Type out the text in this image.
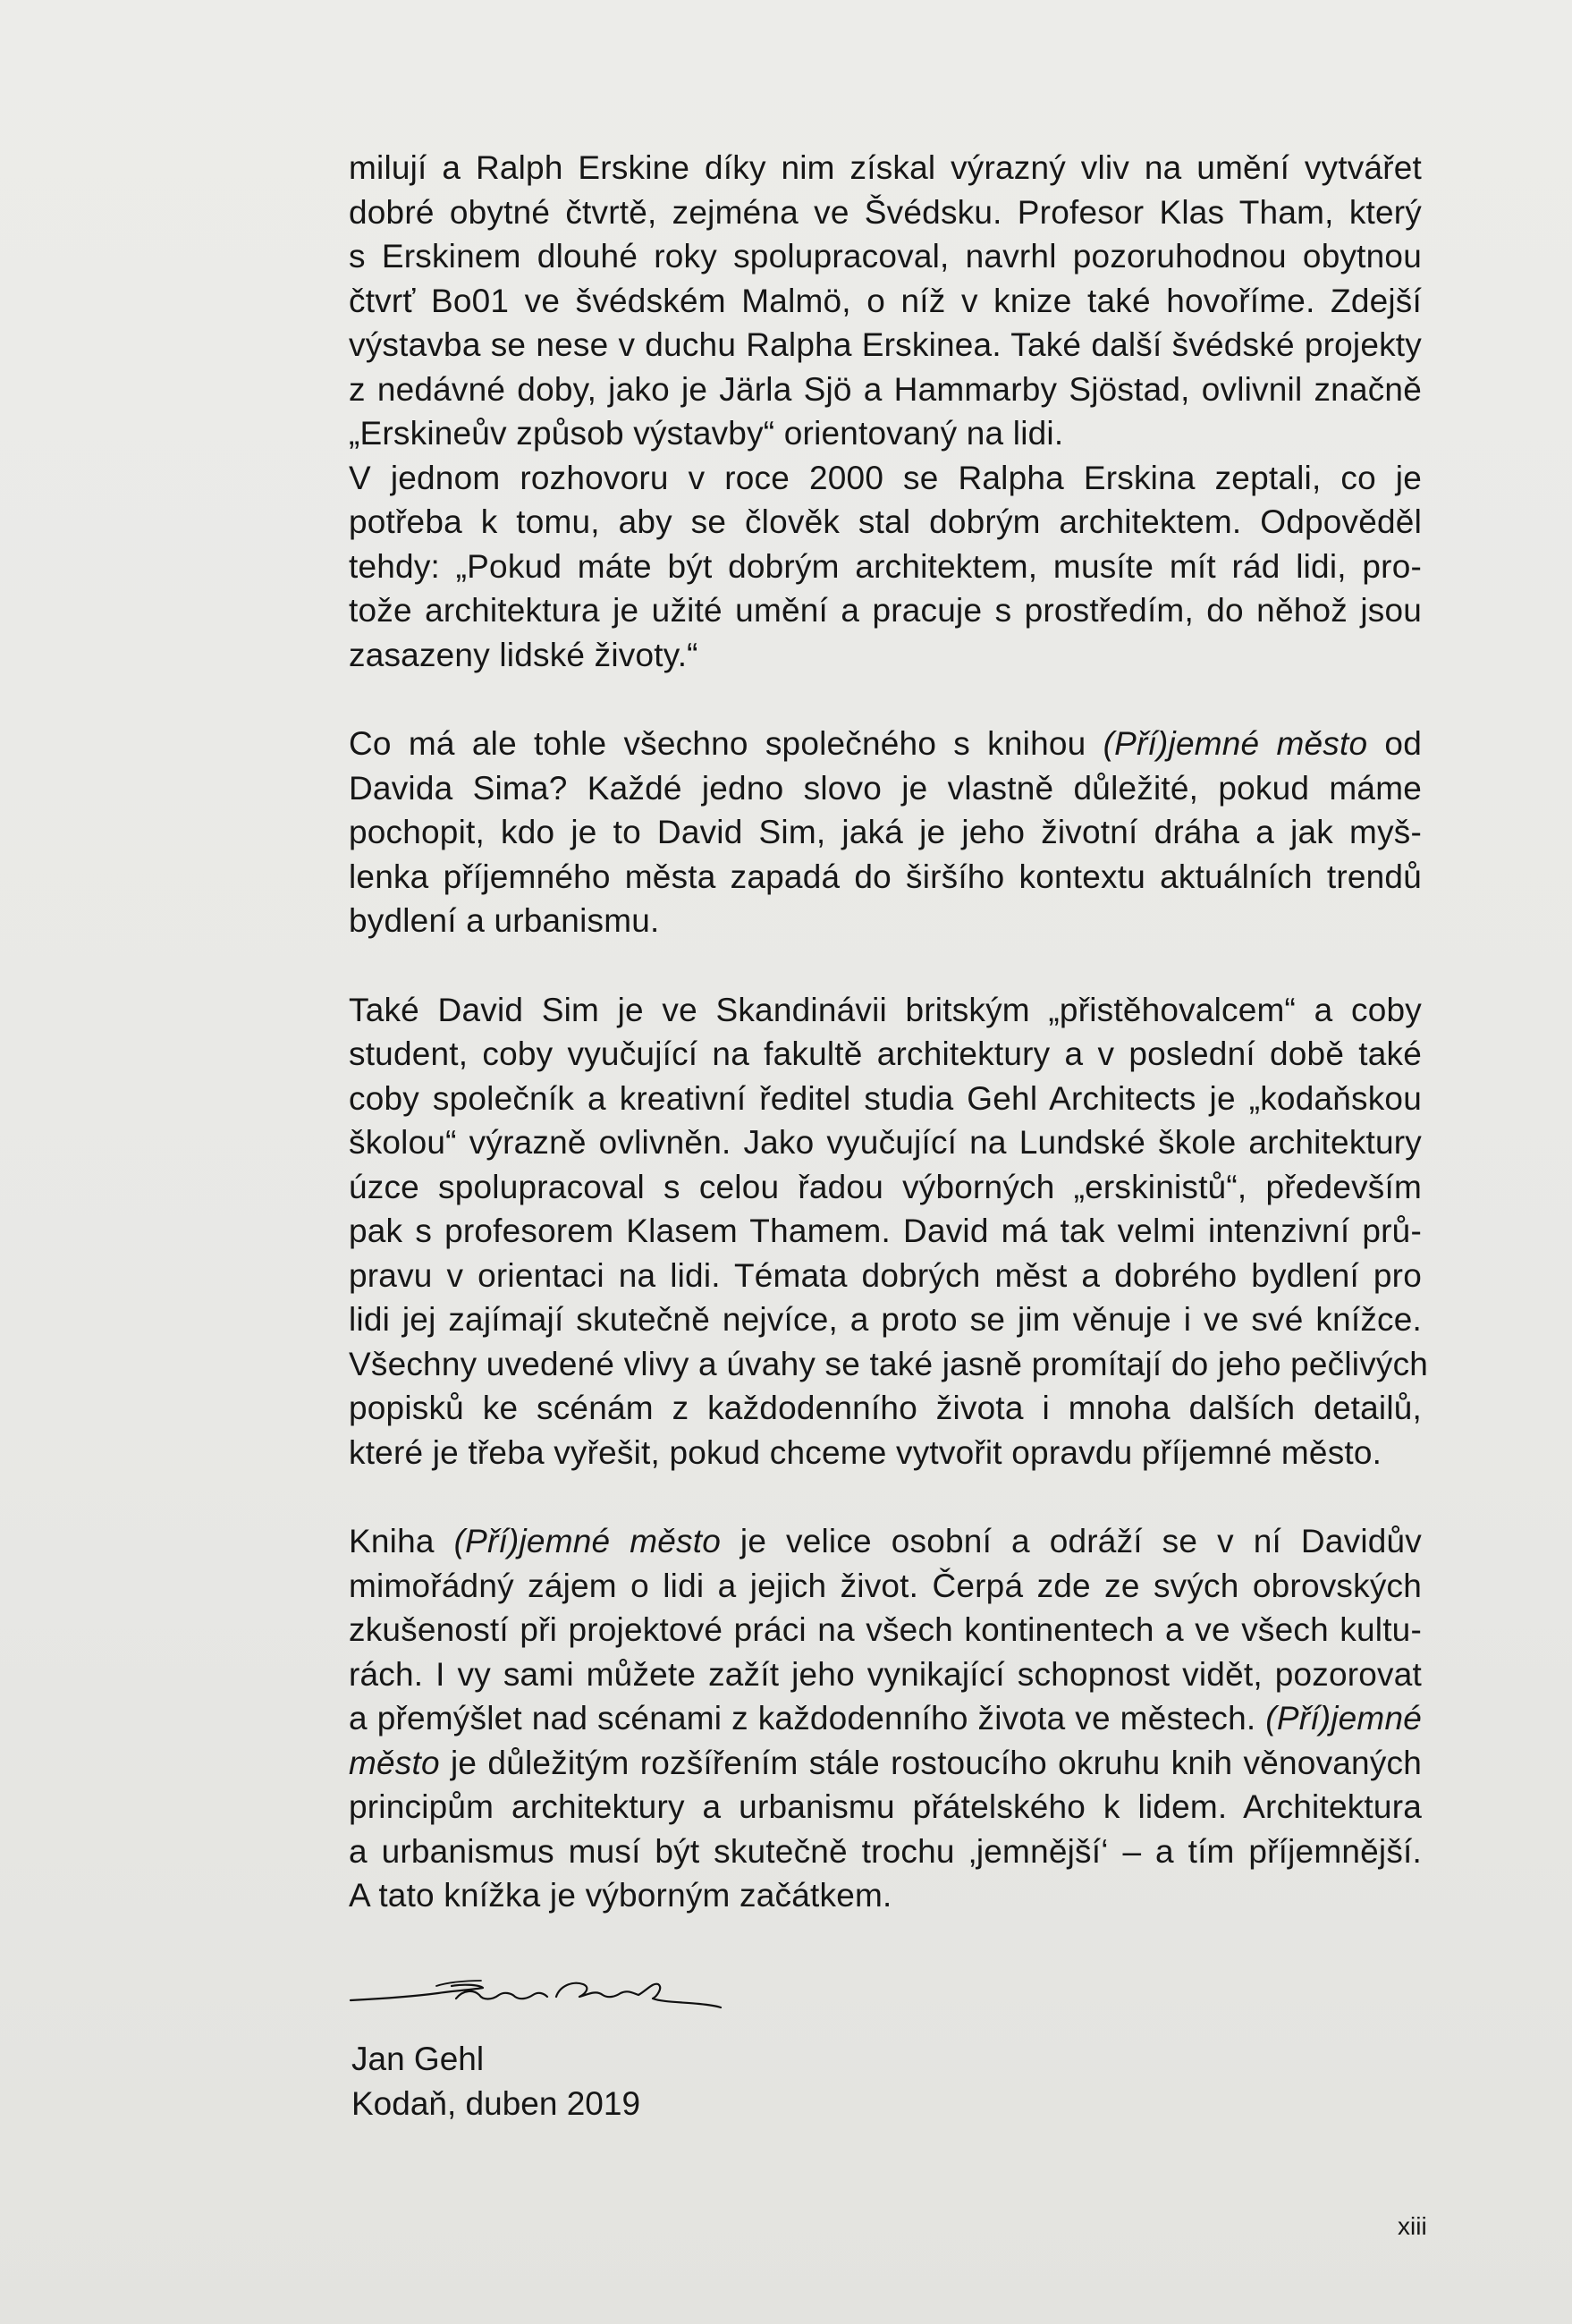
milují a Ralph Erskine díky nim získal výrazný vliv na umění vytvářet
dobré obytné čtvrtě, zejména ve Švédsku. Profesor Klas Tham, který
s Erskinem dlouhé roky spolupracoval, navrhl pozoruhodnou obytnou
čtvrť Bo01 ve švédském Malmö, o níž v knize také hovoříme. Zdejší
výstavba se nese v duchu Ralpha Erskinea. Také další švédské projekty
z nedávné doby, jako je Järla Sjö a Hammarby Sjöstad, ovlivnil značně
„Erskineův způsob výstavby“ orientovaný na lidi.
V jednom rozhovoru v roce 2000 se Ralpha Erskina zeptali, co je
potřeba k tomu, aby se člověk stal dobrým architektem. Odpověděl
tehdy: „Pokud máte být dobrým architektem, musíte mít rád lidi, pro-
tože architektura je užité umění a pracuje s prostředím, do něhož jsou
zasazeny lidské životy.“

Co má ale tohle všechno společného s knihou (Pří)jemné město od
Davida Sima? Každé jedno slovo je vlastně důležité, pokud máme
pochopit, kdo je to David Sim, jaká je jeho životní dráha a jak myš-
lenka příjemného města zapadá do širšího kontextu aktuálních trendů
bydlení a urbanismu.

Také David Sim je ve Skandinávii britským „přistěhovalcem“ a coby
student, coby vyučující na fakultě architektury a v poslední době také
coby společník a kreativní ředitel studia Gehl Architects je „kodaňskou
školou“ výrazně ovlivněn. Jako vyučující na Lundské škole architektury
úzce spolupracoval s celou řadou výborných „erskinistů“, především
pak s profesorem Klasem Thamem. David má tak velmi intenzivní prů-
pravu v orientaci na lidi. Témata dobrých měst a dobrého bydlení pro
lidi jej zajímají skutečně nejvíce, a proto se jim věnuje i ve své knížce.
Všechny uvedené vlivy a úvahy se také jasně promítají do jeho pečlivých
popisků ke scénám z každodenního života i mnoha dalších detailů,
které je třeba vyřešit, pokud chceme vytvořit opravdu příjemné město.

Kniha (Pří)jemné město je velice osobní a odráží se v ní Davidův
mimořádný zájem o lidi a jejich život. Čerpá zde ze svých obrovských
zkušeností při projektové práci na všech kontinentech a ve všech kultu-
rách. I vy sami můžete zažít jeho vynikající schopnost vidět, pozorovat
a přemýšlet nad scénami z každodenního života ve městech. (Pří)jemné
město je důležitým rozšířením stále rostoucího okruhu knih věnovaných
principům architektury a urbanismu přátelského k lidem. Architektura
a urbanismus musí být skutečně trochu ‚jemnější‘ – a tím příjemnější.
A tato knížka je výborným začátkem.

Jan Gehl
Kodaň, duben 2019
xiii
